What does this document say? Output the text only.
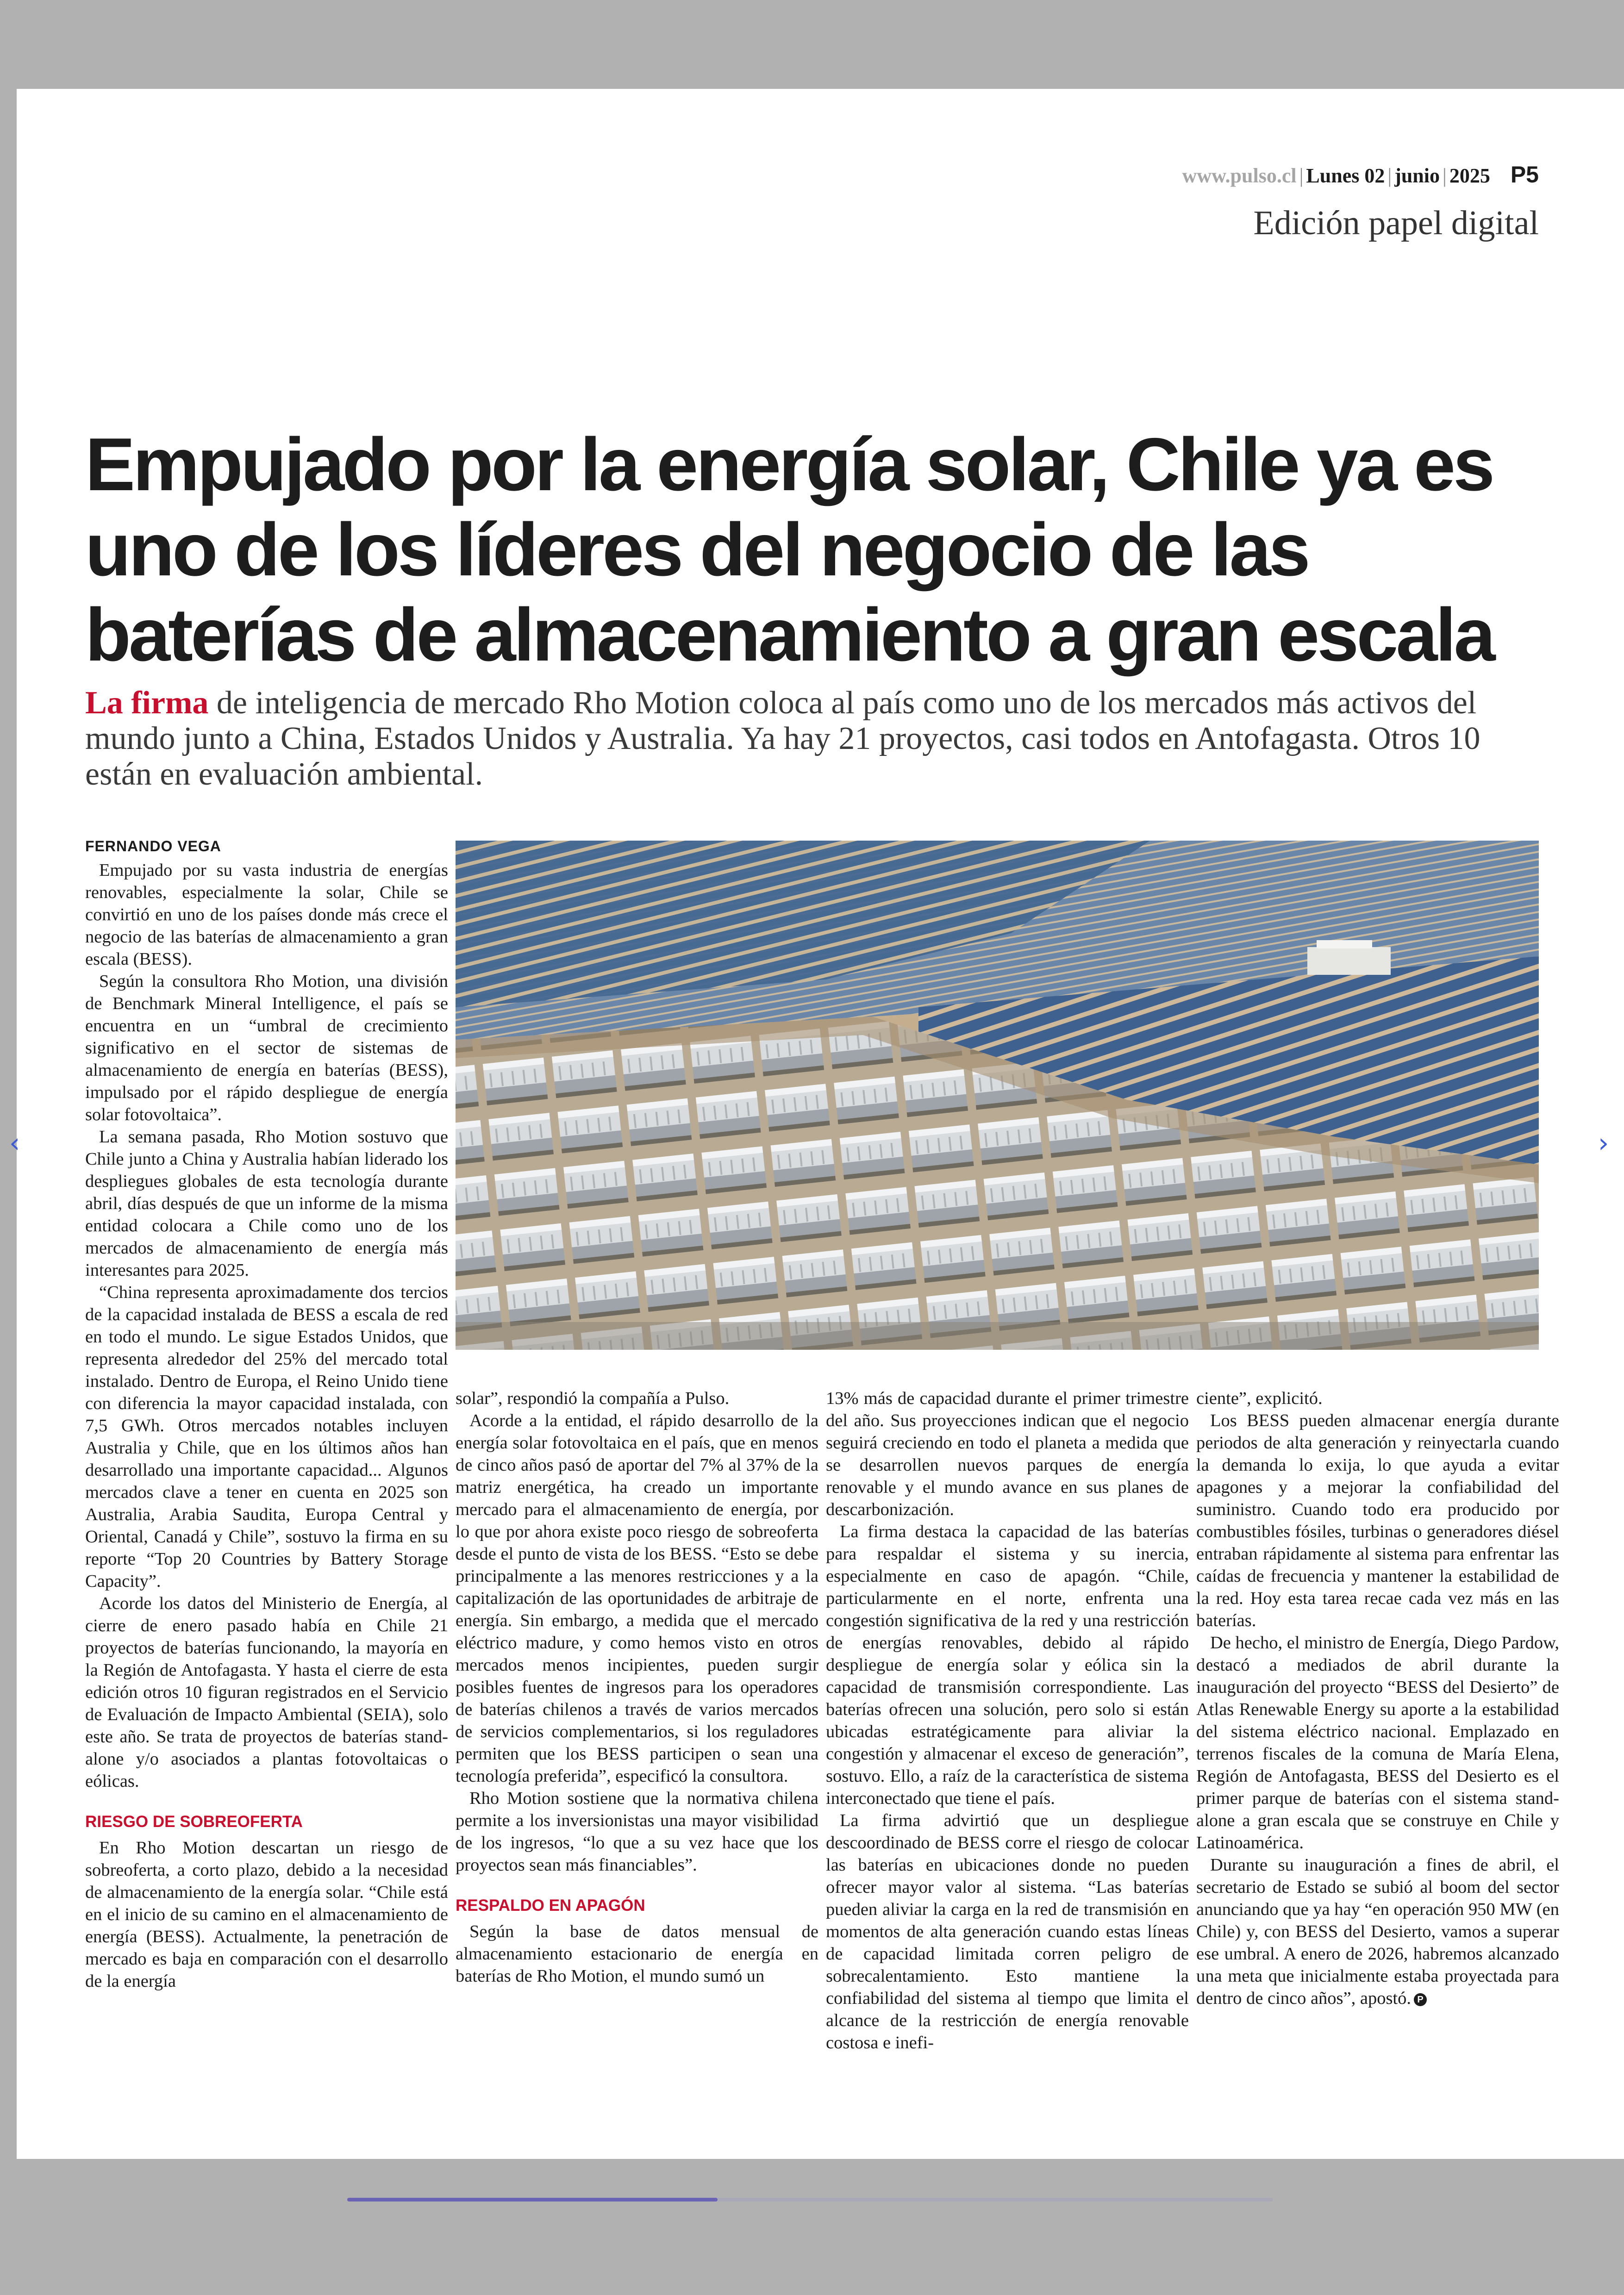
www.pulso.cl | Lunes 02 | junio | 2025 P5
Edición papel digital
Empujado por la energía solar, Chile ya es uno de los líderes del negocio de las baterías de almacenamiento a gran escala

La firma de inteligencia de mercado Rho Motion coloca al país como uno de los mercados más activos del mundo junto a China, Estados Unidos y Australia. Ya hay 21 proyectos, casi todos en Antofagasta. Otros 10 están en evaluación ambiental.

FERNANDO VEGA

Empujado por su vasta industria de energías renovables, especialmente la solar, Chile se convirtió en uno de los países donde más crece el negocio de las baterías de almacenamiento a gran escala (BESS).

Según la consultora Rho Motion, una división de Benchmark Mineral Intelligence, el país se encuentra en un “umbral de crecimiento significativo en el sector de sistemas de almacenamiento de energía en baterías (BESS), impulsado por el rápido despliegue de energía solar fotovoltaica”.

La semana pasada, Rho Motion sostuvo que Chile junto a China y Australia habían liderado los despliegues globales de esta tecnología durante abril, días después de que un informe de la misma entidad colocara a Chile como uno de los mercados de almacenamiento de energía más interesantes para 2025.

“China representa aproximadamente dos tercios de la capacidad instalada de BESS a escala de red en todo el mundo. Le sigue Estados Unidos, que representa alrededor del 25% del mercado total instalado. Dentro de Europa, el Reino Unido tiene con diferencia la mayor capacidad instalada, con 7,5 GWh. Otros mercados notables incluyen Australia y Chile, que en los últimos años han desarrollado una importante capacidad... Algunos mercados clave a tener en cuenta en 2025 son Australia, Arabia Saudita, Europa Central y Oriental, Canadá y Chile”, sostuvo la firma en su reporte “Top 20 Countries by Battery Storage Capacity”.

Acorde los datos del Ministerio de Energía, al cierre de enero pasado había en Chile 21 proyectos de baterías funcionando, la mayoría en la Región de Antofagasta. Y hasta el cierre de esta edición otros 10 figuran registrados en el Servicio de Evaluación de Impacto Ambiental (SEIA), solo este año. Se trata de proyectos de baterías stand-alone y/o asociados a plantas fotovoltaicas o eólicas.

RIESGO DE SOBREOFERTA

En Rho Motion descartan un riesgo de sobreoferta, a corto plazo, debido a la necesidad de almacenamiento de la energía solar. “Chile está en el inicio de su camino en el almacenamiento de energía (BESS). Actualmente, la penetración de mercado es baja en comparación con el desarrollo de la energía

solar”, respondió la compañía a Pulso.

Acorde a la entidad, el rápido desarrollo de la energía solar fotovoltaica en el país, que en menos de cinco años pasó de aportar del 7% al 37% de la matriz energética, ha creado un importante mercado para el almacenamiento de energía, por lo que por ahora existe poco riesgo de sobreoferta desde el punto de vista de los BESS. “Esto se debe principalmente a las menores restricciones y a la capitalización de las oportunidades de arbitraje de energía. Sin embargo, a medida que el mercado eléctrico madure, y como hemos visto en otros mercados menos incipientes, pueden surgir posibles fuentes de ingresos para los operadores de baterías chilenos a través de varios mercados de servicios complementarios, si los reguladores permiten que los BESS participen o sean una tecnología preferida”, especificó la consultora.

Rho Motion sostiene que la normativa chilena permite a los inversionistas una mayor visibilidad de los ingresos, “lo que a su vez hace que los proyectos sean más financiables”.

RESPALDO EN APAGÓN

Según la base de datos mensual de almacenamiento estacionario de energía en baterías de Rho Motion, el mundo sumó un

13% más de capacidad durante el primer trimestre del año. Sus proyecciones indican que el negocio seguirá creciendo en todo el planeta a medida que se desarrollen nuevos parques de energía renovable y el mundo avance en sus planes de descarbonización.

La firma destaca la capacidad de las baterías para respaldar el sistema y su inercia, especialmente en caso de apagón. “Chile, particularmente en el norte, enfrenta una congestión significativa de la red y una restricción de energías renovables, debido al rápido despliegue de energía solar y eólica sin la capacidad de transmisión correspondiente. Las baterías ofrecen una solución, pero solo si están ubicadas estratégicamente para aliviar la congestión y almacenar el exceso de generación”, sostuvo. Ello, a raíz de la característica de sistema interconectado que tiene el país.

La firma advirtió que un despliegue descoordinado de BESS corre el riesgo de colocar las baterías en ubicaciones donde no pueden ofrecer mayor valor al sistema. “Las baterías pueden aliviar la carga en la red de transmisión en momentos de alta generación cuando estas líneas de capacidad limitada corren peligro de sobrecalentamiento. Esto mantiene la confiabilidad del sistema al tiempo que limita el alcance de la restricción de energía renovable costosa e inefi-

ciente”, explicitó.

Los BESS pueden almacenar energía durante periodos de alta generación y reinyectarla cuando la demanda lo exija, lo que ayuda a evitar apagones y a mejorar la confiabilidad del suministro. Cuando todo era producido por combustibles fósiles, turbinas o generadores diésel entraban rápidamente al sistema para enfrentar las caídas de frecuencia y mantener la estabilidad de la red. Hoy esta tarea recae cada vez más en las baterías.

De hecho, el ministro de Energía, Diego Pardow, destacó a mediados de abril durante la inauguración del proyecto “BESS del Desierto” de Atlas Renewable Energy su aporte a la estabilidad del sistema eléctrico nacional. Emplazado en terrenos fiscales de la comuna de María Elena, Región de Antofagasta, BESS del Desierto es el primer parque de baterías con el sistema stand-alone a gran escala que se construye en Chile y Latinoamérica.

Durante su inauguración a fines de abril, el secretario de Estado se subió al boom del sector anunciando que ya hay “en operación 950 MW (en Chile) y, con BESS del Desierto, vamos a superar ese umbral. A enero de 2026, habremos alcanzado una meta que inicialmente estaba proyectada para dentro de cinco años”, apostó. P

‹	›
